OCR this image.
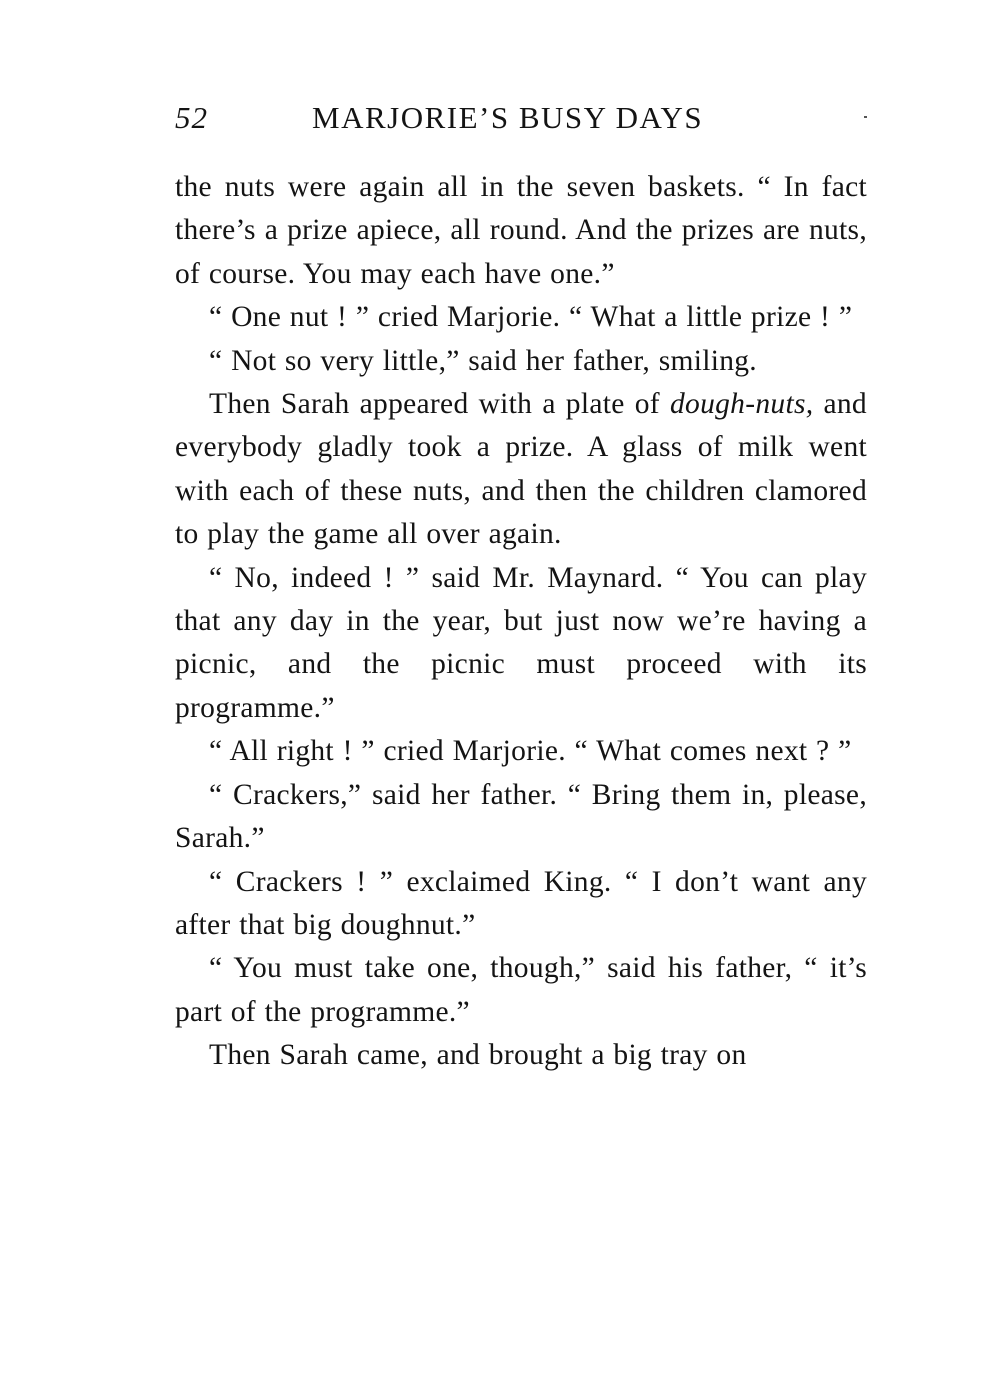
52	MARJORIE’S BUSY DAYS

the nuts were again all in the seven baskets. “ In fact there’s a prize apiece, all round. And the prizes are nuts, of course. You may each have one.”

“ One nut ! ” cried Marjorie. “ What a little prize ! ”

“ Not so very little,” said her father, smiling.

Then Sarah appeared with a plate of dough-nuts, and everybody gladly took a prize. A glass of milk went with each of these nuts, and then the children clamored to play the game all over again.

“ No, indeed ! ” said Mr. Maynard. “ You can play that any day in the year, but just now we’re having a picnic, and the picnic must proceed with its programme.”

“ All right ! ” cried Marjorie. “ What comes next ? ”

“ Crackers,” said her father. “ Bring them in, please, Sarah.”

“ Crackers ! ” exclaimed King. “ I don’t want any after that big doughnut.”

“ You must take one, though,” said his father, “ it’s part of the programme.”

Then Sarah came, and brought a big tray on
